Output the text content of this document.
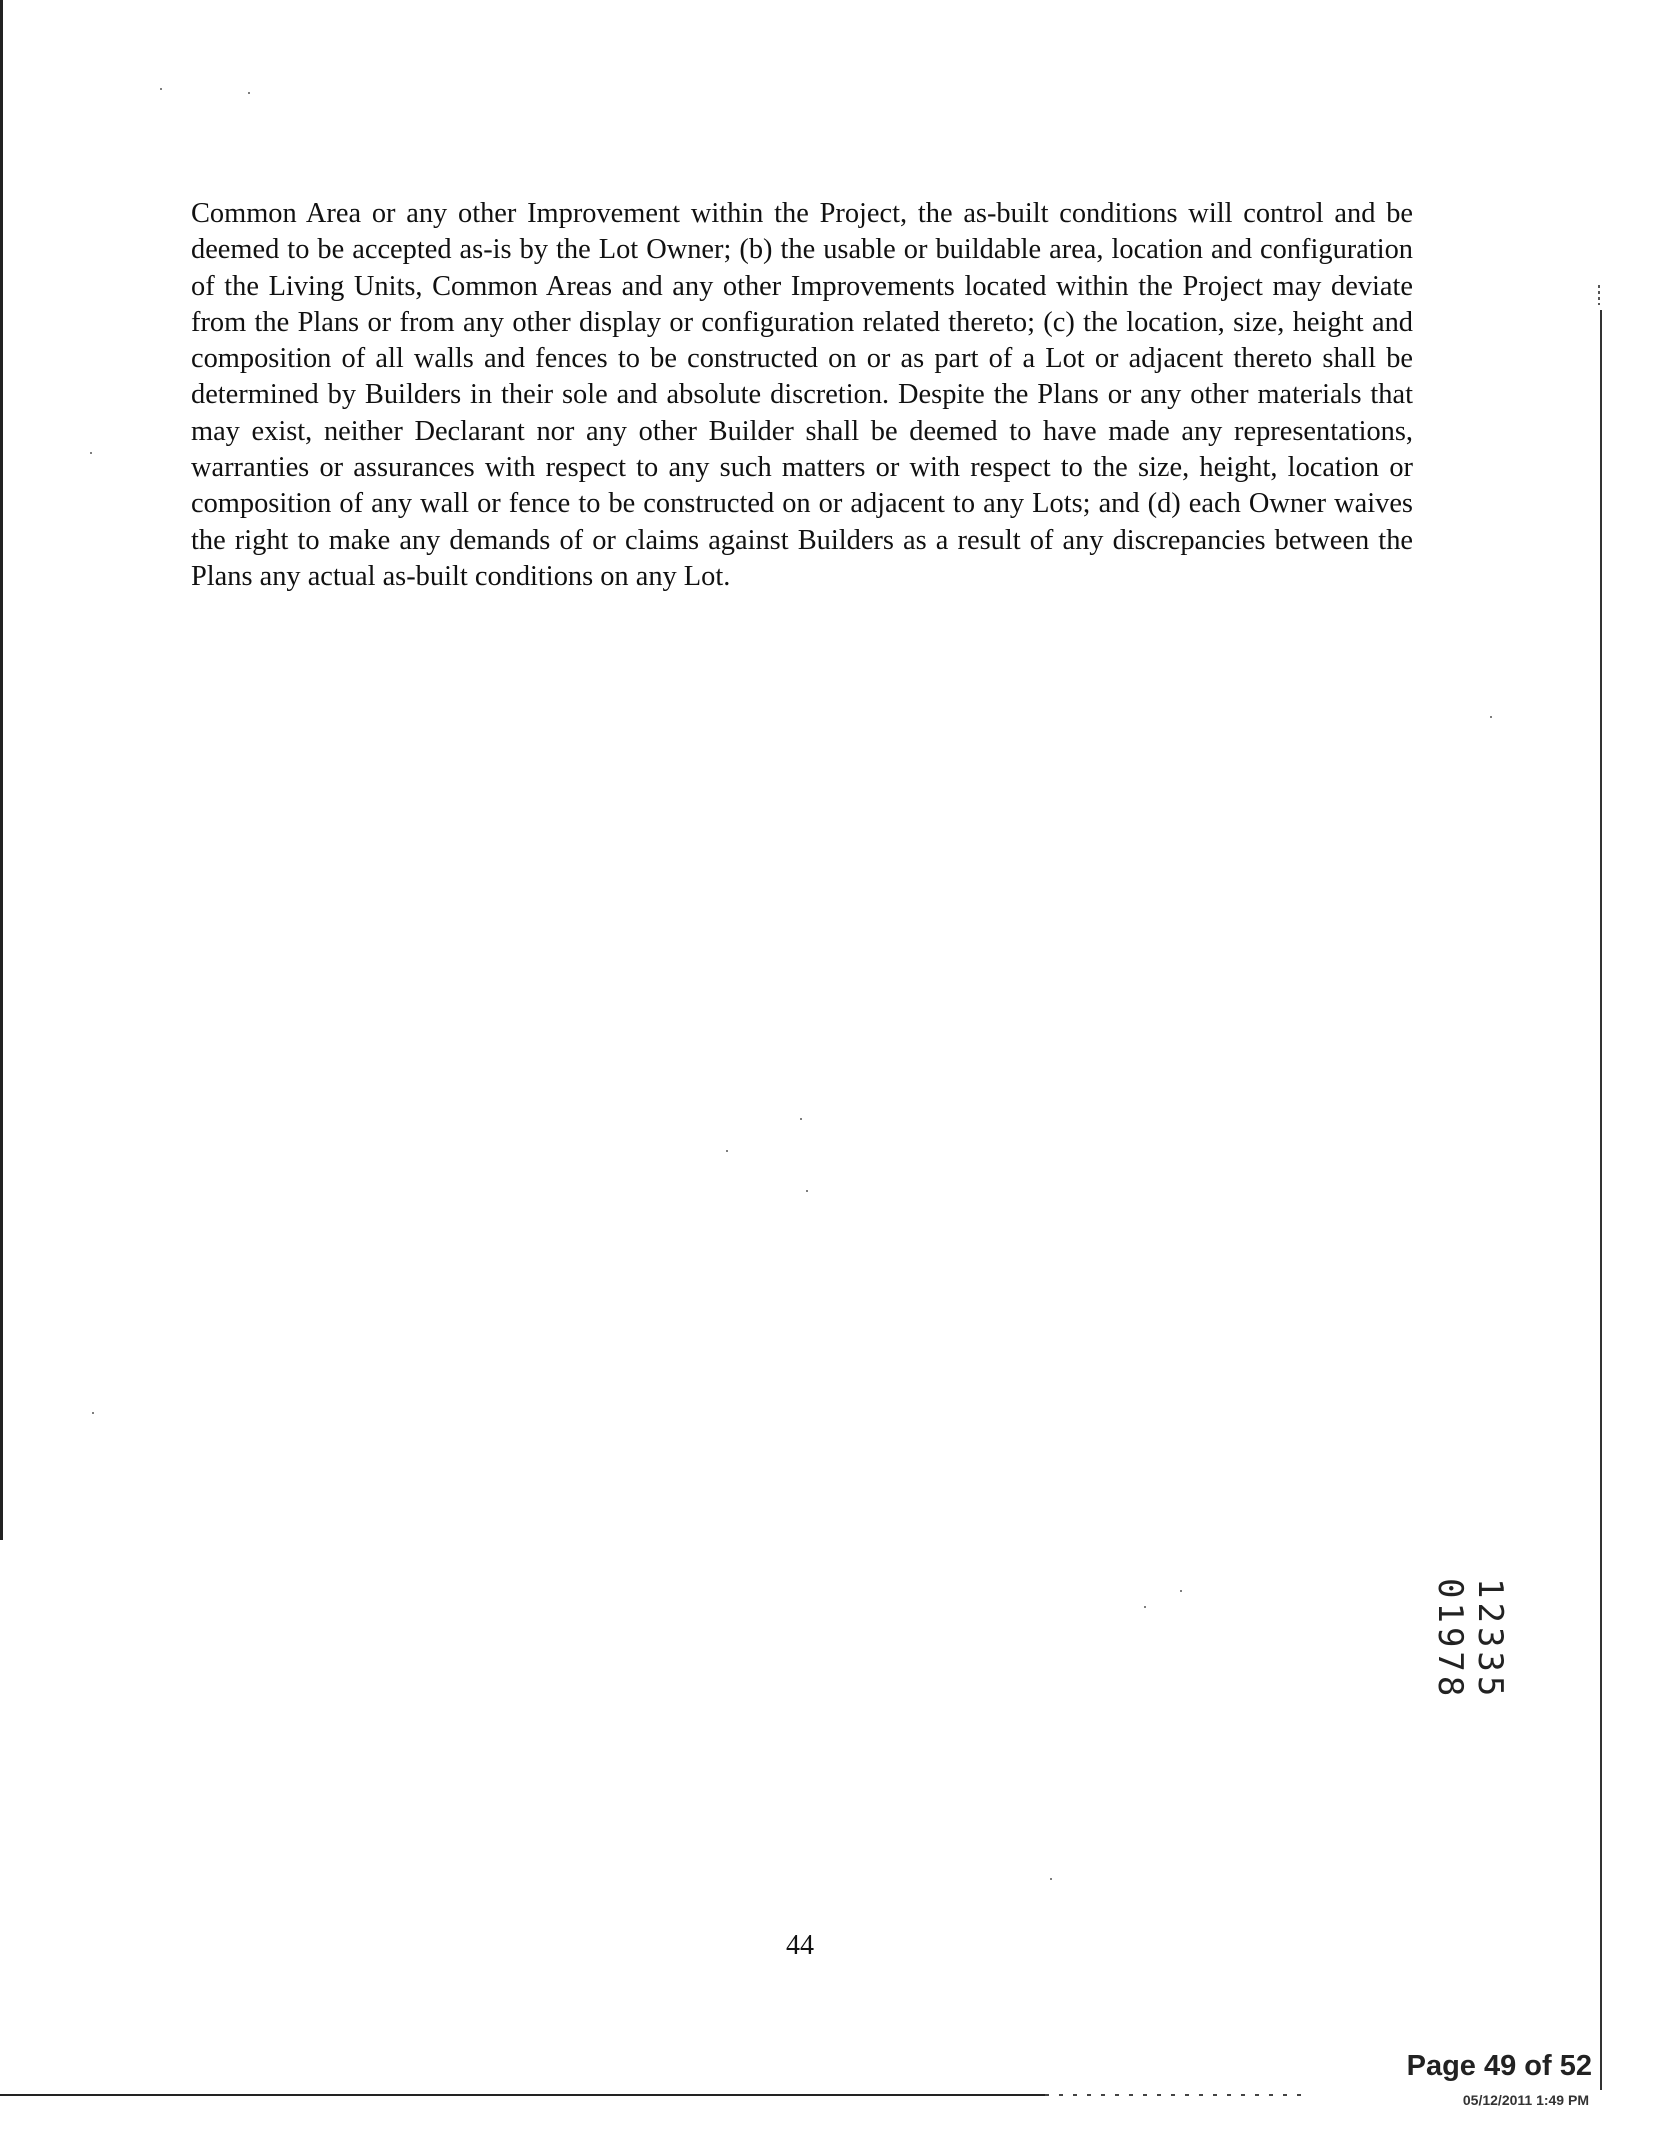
Common Area or any other Improvement within the Project, the as-built conditions will control and be deemed to be accepted as-is by the Lot Owner; (b) the usable or buildable area, location and configuration of the Living Units, Common Areas and any other Improvements located within the Project may deviate from the Plans or from any other display or configuration related thereto; (c) the location, size, height and composition of all walls and fences to be constructed on or as part of a Lot or adjacent thereto shall be determined by Builders in their sole and absolute discretion. Despite the Plans or any other materials that may exist, neither Declarant nor any other Builder shall be deemed to have made any representations, warranties or assurances with respect to any such matters or with respect to the size, height, location or composition of any wall or fence to be constructed on or adjacent to any Lots; and (d) each Owner waives the right to make any demands of or claims against Builders as a result of any discrepancies between the Plans any actual as-built conditions on any Lot.

44
12335 01978
Page 49 of 52
05/12/2011 1:49 PM
